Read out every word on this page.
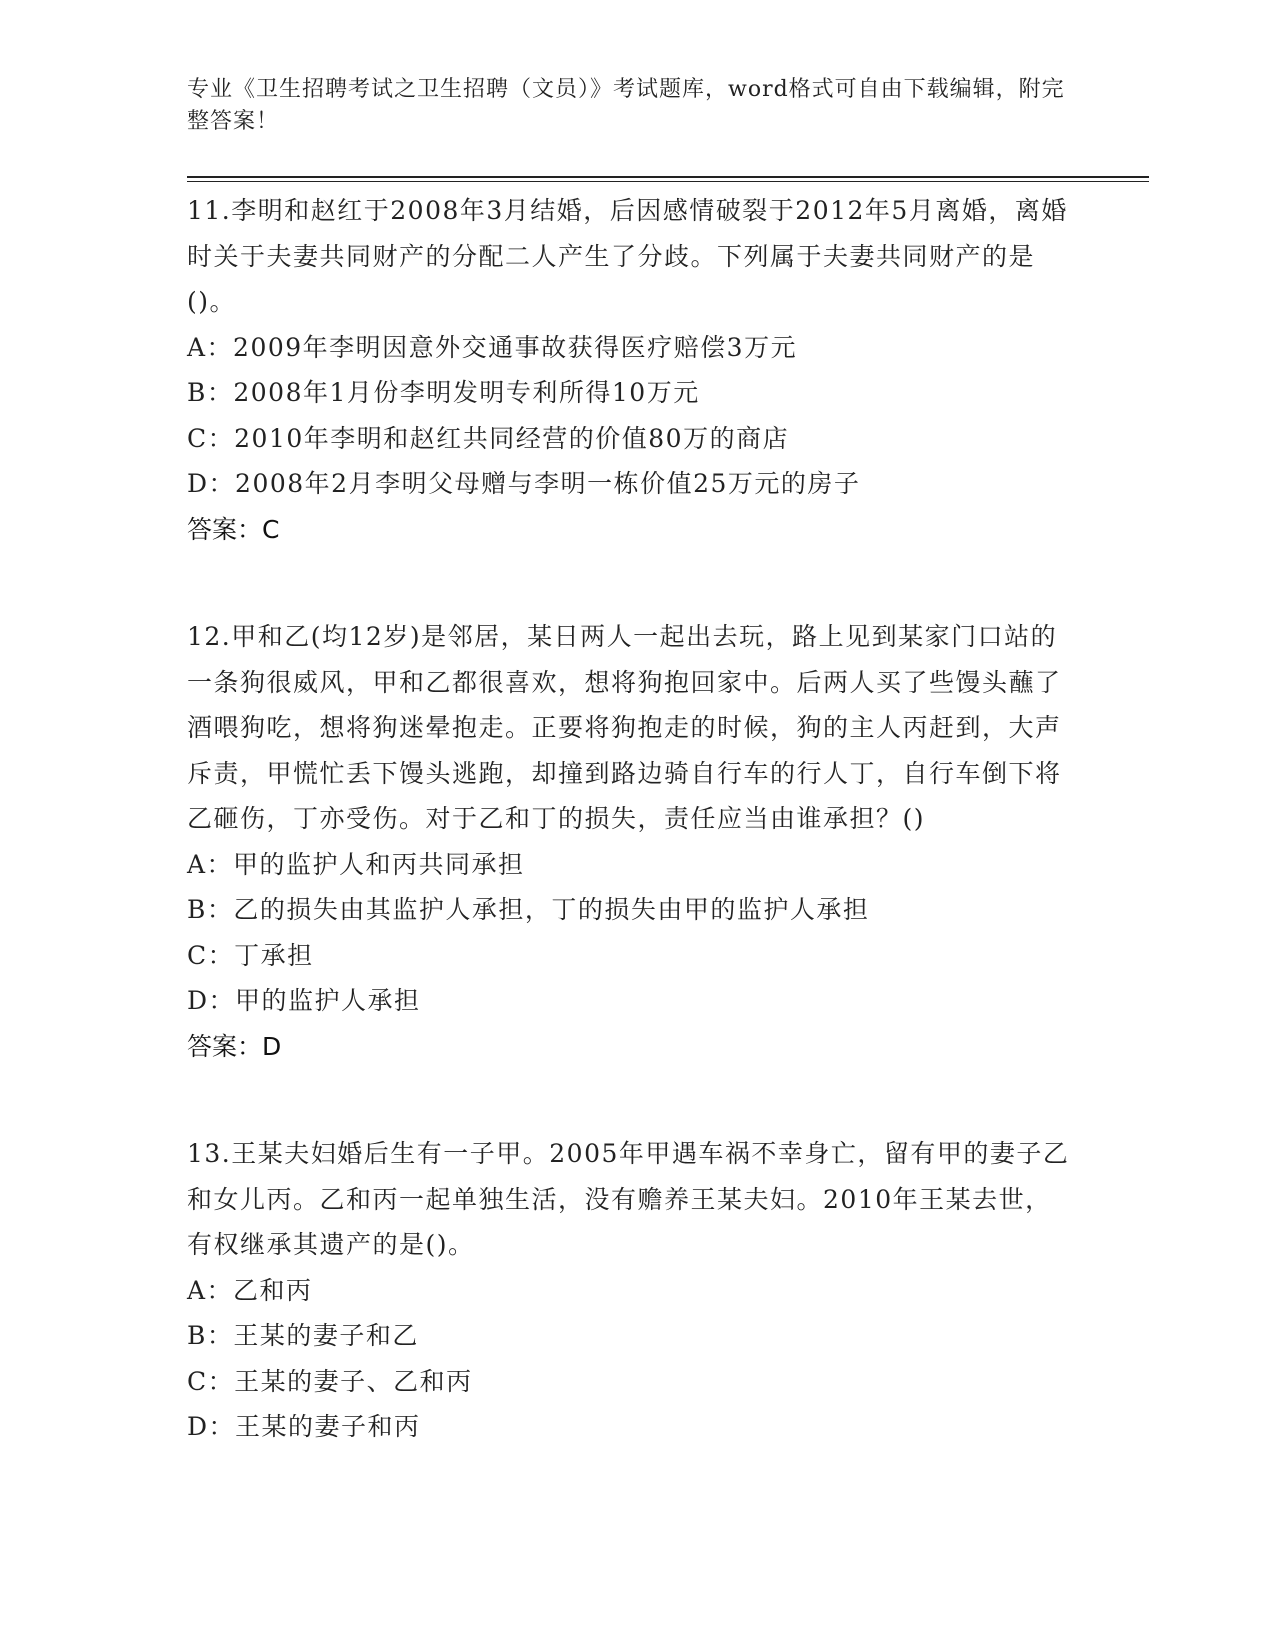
专业《卫生招聘考试之卫生招聘（文员）》考试题库，word格式可自由下载编辑，附完整答案！
11.李明和赵红于2008年3月结婚，后因感情破裂于2012年5月离婚，离婚时关于夫妻共同财产的分配二人产生了分歧。下列属于夫妻共同财产的是()。
A：2009年李明因意外交通事故获得医疗赔偿3万元
B：2008年1月份李明发明专利所得10万元
C：2010年李明和赵红共同经营的价值80万的商店
D：2008年2月李明父母赠与李明一栋价值25万元的房子
答案：C
12.甲和乙(均12岁)是邻居，某日两人一起出去玩，路上见到某家门口站的一条狗很威风，甲和乙都很喜欢，想将狗抱回家中。后两人买了些馒头蘸了酒喂狗吃，想将狗迷晕抱走。正要将狗抱走的时候，狗的主人丙赶到，大声斥责，甲慌忙丢下馒头逃跑，却撞到路边骑自行车的行人丁，自行车倒下将乙砸伤，丁亦受伤。对于乙和丁的损失，责任应当由谁承担？()
A：甲的监护人和丙共同承担
B：乙的损失由其监护人承担，丁的损失由甲的监护人承担
C：丁承担
D：甲的监护人承担
答案：D
13.王某夫妇婚后生有一子甲。2005年甲遇车祸不幸身亡，留有甲的妻子乙和女儿丙。乙和丙一起单独生活，没有赡养王某夫妇。2010年王某去世，有权继承其遗产的是()。
A：乙和丙
B：王某的妻子和乙
C：王某的妻子、乙和丙
D：王某的妻子和丙
